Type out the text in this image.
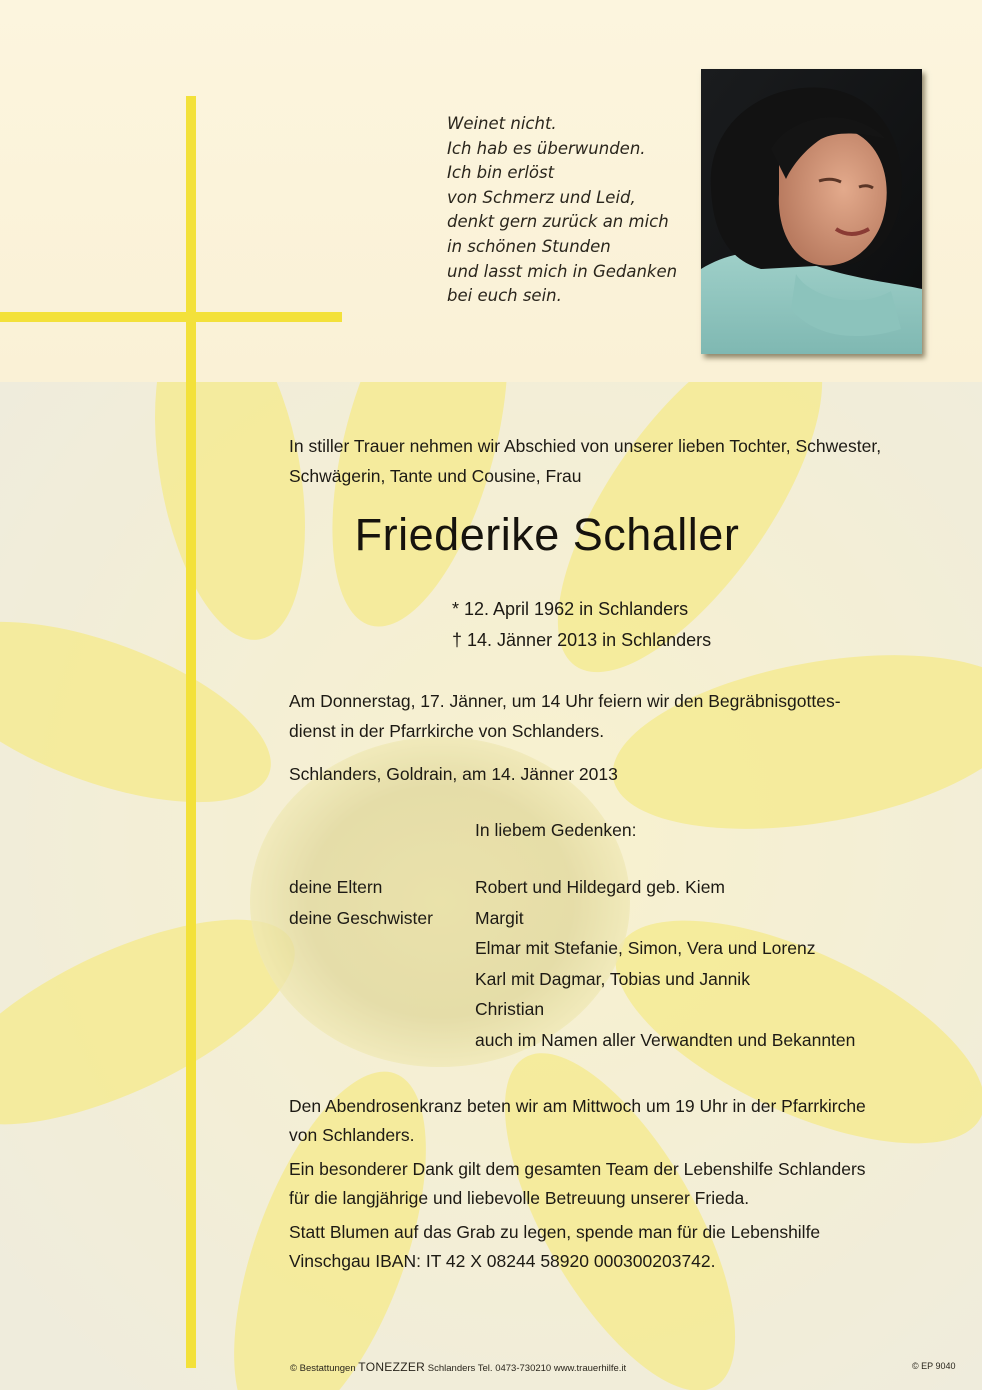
Weinet nicht.
Ich hab es überwunden.
Ich bin erlöst
von Schmerz und Leid,
denkt gern zurück an mich
in schönen Stunden
und lasst mich in Gedanken
bei euch sein.
In stiller Trauer nehmen wir Abschied von unserer lieben Tochter, Schwester,
Schwägerin, Tante und Cousine, Frau
Friederike Schaller
* 12. April 1962 in Schlanders
† 14. Jänner 2013 in Schlanders
Am Donnerstag, 17. Jänner, um 14 Uhr feiern wir den Begräbnisgottes-
dienst in der Pfarrkirche von Schlanders.
Schlanders, Goldrain, am 14. Jänner 2013
In liebem Gedenken:
deine Eltern	Robert und Hildegard geb. Kiem
deine Geschwister	Margit
Elmar mit Stefanie, Simon, Vera und Lorenz
Karl mit Dagmar, Tobias und Jannik
Christian
auch im Namen aller Verwandten und Bekannten
Den Abendrosenkranz beten wir am Mittwoch um 19 Uhr in der Pfarrkirche
von Schlanders.
Ein besonderer Dank gilt dem gesamten Team der Lebenshilfe Schlanders
für die langjährige und liebevolle Betreuung unserer Frieda.
Statt Blumen auf das Grab zu legen, spende man für die Lebenshilfe
Vinschgau IBAN: IT 42 X 08244 58920 000300203742.
© Bestattungen TONEZZER Schlanders Tel. 0473-730210 www.trauerhilfe.it	© EP 9040
